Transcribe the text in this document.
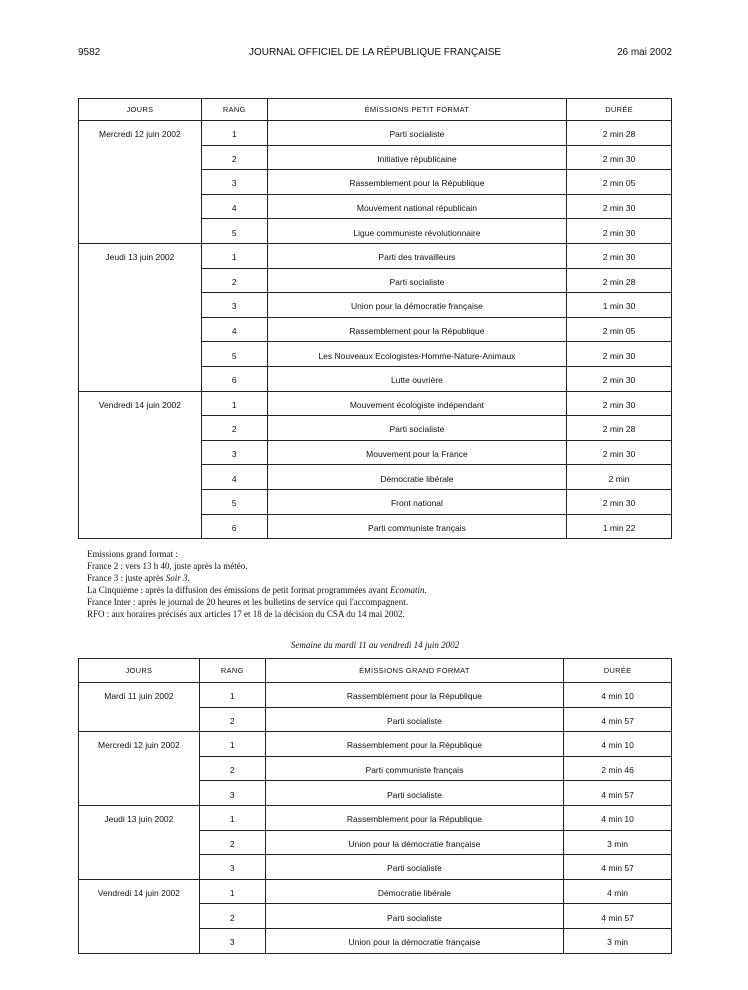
9582	JOURNAL OFFICIEL DE LA RÉPUBLIQUE FRANÇAISE	26 mai 2002
JOURS	RANG	ÉMISSIONS PETIT FORMAT	DURÉE
Mercredi 12 juin 2002	1	Parti socialiste	2 min 28
	2	Initiative républicaine	2 min 30
	3	Rassemblement pour la République	2 min 05
	4	Mouvement national républicain	2 min 30
	5	Ligue communiste révolutionnaire	2 min 30
Jeudi 13 juin 2002	1	Parti des travailleurs	2 min 30
	2	Parti socialiste	2 min 28
	3	Union pour la démocratie française	1 min 30
	4	Rassemblement pour la République	2 min 05
	5	Les Nouveaux Ecologistes-Homme-Nature-Animaux	2 min 30
	6	Lutte ouvrière	2 min 30
Vendredi 14 juin 2002	1	Mouvement écologiste indépendant	2 min 30
	2	Parti socialiste	2 min 28
	3	Mouvement pour la France	2 min 30
	4	Démocratie libérale	2 min
	5	Front national	2 min 30
	6	Parti communiste français	1 min 22
Emissions grand format :
France 2 : vers 13 h 40, juste après la météo.
France 3 : juste après Soir 3.
La Cinquième : après la diffusion des émissions de petit format programmées avant Ecomatin.
France Inter : après le journal de 20 heures et les bulletins de service qui l'accompagnent.
RFO : aux horaires précisés aux articles 17 et 18 de la décision du CSA du 14 mai 2002.
Semaine du mardi 11 au vendredi 14 juin 2002
JOURS	RANG	ÉMISSIONS GRAND FORMAT	DURÉE
Mardi 11 juin 2002	1	Rassemblement pour la République	4 min 10
	2	Parti socialiste	4 min 57
Mercredi 12 juin 2002	1	Rassemblement pour la République	4 min 10
	2	Parti communiste français	2 min 46
	3	Parti socialiste	4 min 57
Jeudi 13 juin 2002	1	Rassemblement pour la République	4 min 10
	2	Union pour la démocratie française	3 min
	3	Parti socialiste	4 min 57
Vendredi 14 juin 2002	1	Démocratie libérale	4 min
	2	Parti socialiste	4 min 57
	3	Union pour la démocratie française	3 min
